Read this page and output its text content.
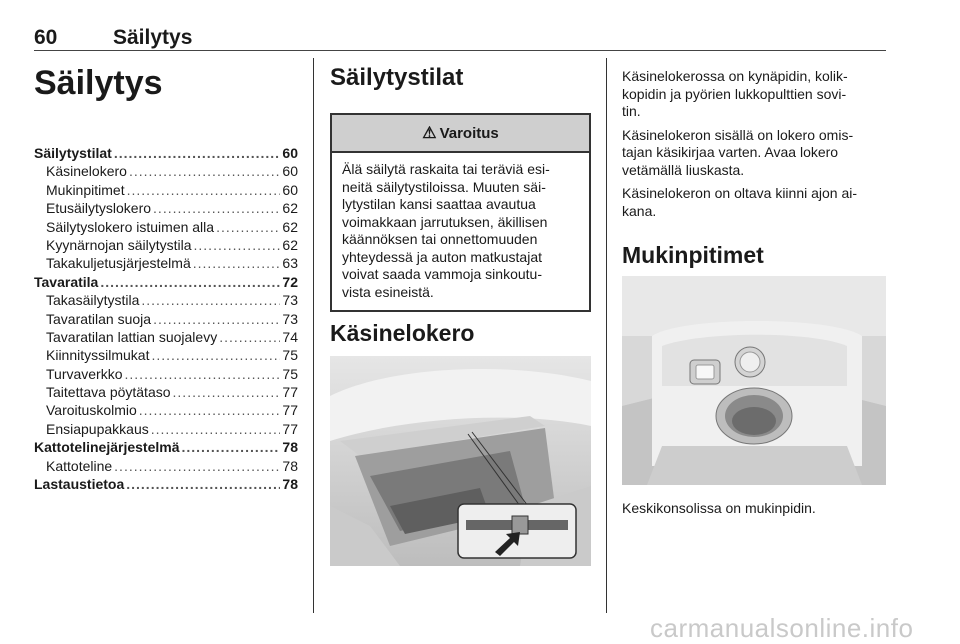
60	Säilytys
Säilytys
Säilytystilat .....	60
Käsinelokero .....	60
Mukinpitimet .....	60
Etusäilytyslokero .....	62
Säilytyslokero istuimen alla .....	62
Kyynärnojan säilytystila .....	62
Takakuljetusjärjestelmä .....	63
Tavaratila .....	72
Takasäilytystila .....	73
Tavaratilan suoja .....	73
Tavaratilan lattian suojalevy .....	74
Kiinnityssilmukat .....	75
Turvaverkko .....	75
Taitettava pöytätaso .....	77
Varoituskolmio .....	77
Ensiapupakkaus .....	77
Kattotelinejärjestelmä .....	78
Kattoteline .....	78
Lastaustietoa .....	78
Säilytystilat
⚠ Varoitus
Älä säilytä raskaita tai teräviä esi-
neitä säilytystiloissa. Muuten säi-
lytystilan kansi saattaa avautua
voimakkaan jarrutuksen, äkillisen
käännöksen tai onnettomuuden
yhteydessä ja auton matkustajat
voivat saada vammoja sinkoutu-
vista esineistä.
Käsinelokero

Käsinelokerossa on kynäpidin, kolik-
kopidin ja pyörien lukkopulttien sovi-
tin.

Käsinelokeron sisällä on lokero omis-
tajan käsikirjaa varten. Avaa lokero
vetämällä liuskasta.

Käsinelokeron on oltava kiinni ajon ai-
kana.

Mukinpitimet
Keskikonsolissa on mukinpidin.
carmanualsonline.info
